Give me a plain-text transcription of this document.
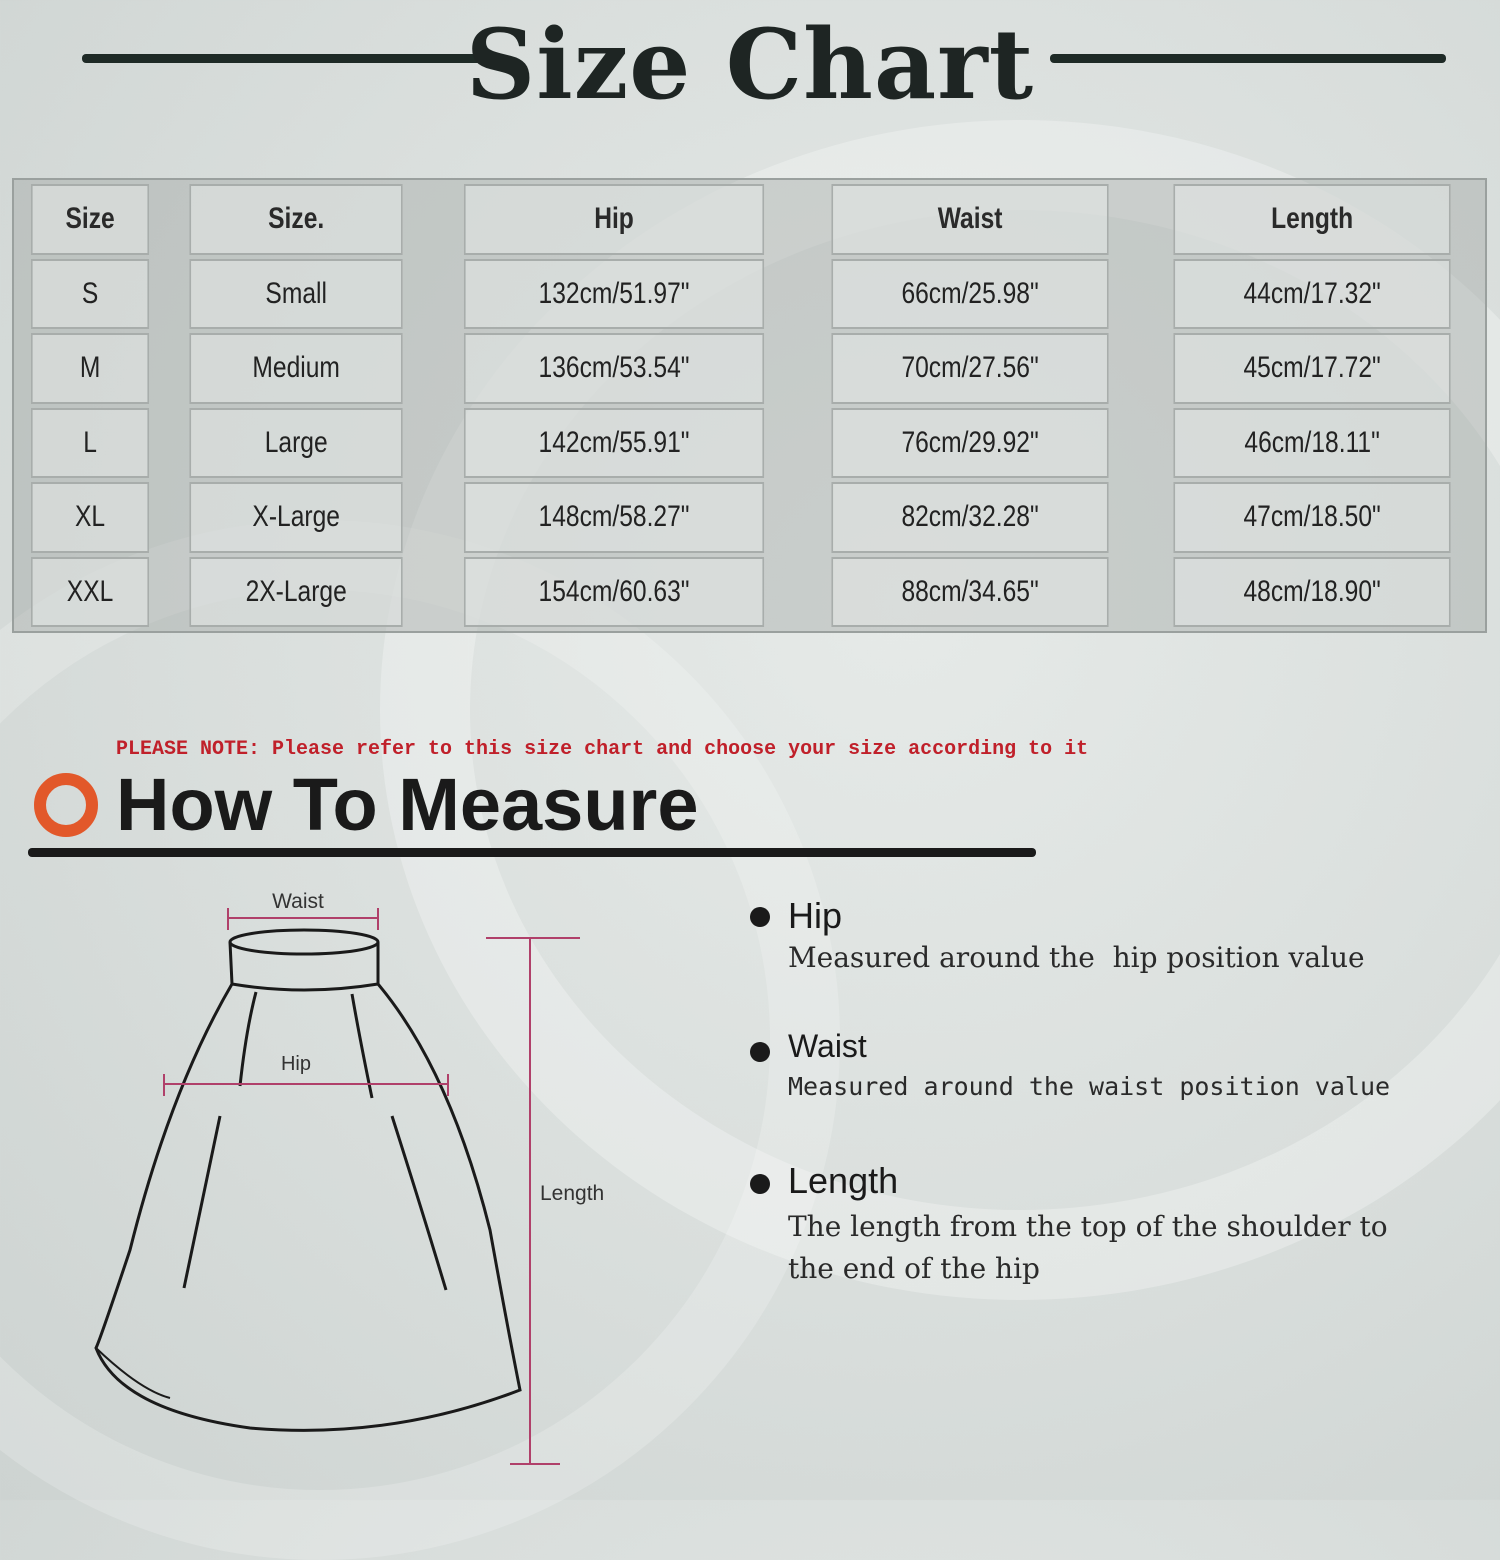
Size Chart
Size	Size.	Hip	Waist	Length
S	Small	132cm/51.97"	66cm/25.98"	44cm/17.32"
M	Medium	136cm/53.54"	70cm/27.56"	45cm/17.72"
L	Large	142cm/55.91"	76cm/29.92"	46cm/18.11"
XL	X-Large	148cm/58.27"	82cm/32.28"	47cm/18.50"
XXL	2X-Large	154cm/60.63"	88cm/34.65"	48cm/18.90"
PLEASE NOTE: Please refer to this size chart and choose your size according to it
How To Measure
Waist
Hip
Length
Hip
Measured around the  hip position value
Waist
Measured around the waist position value
Length
The length from the top of the shoulder to
the end of the hip
